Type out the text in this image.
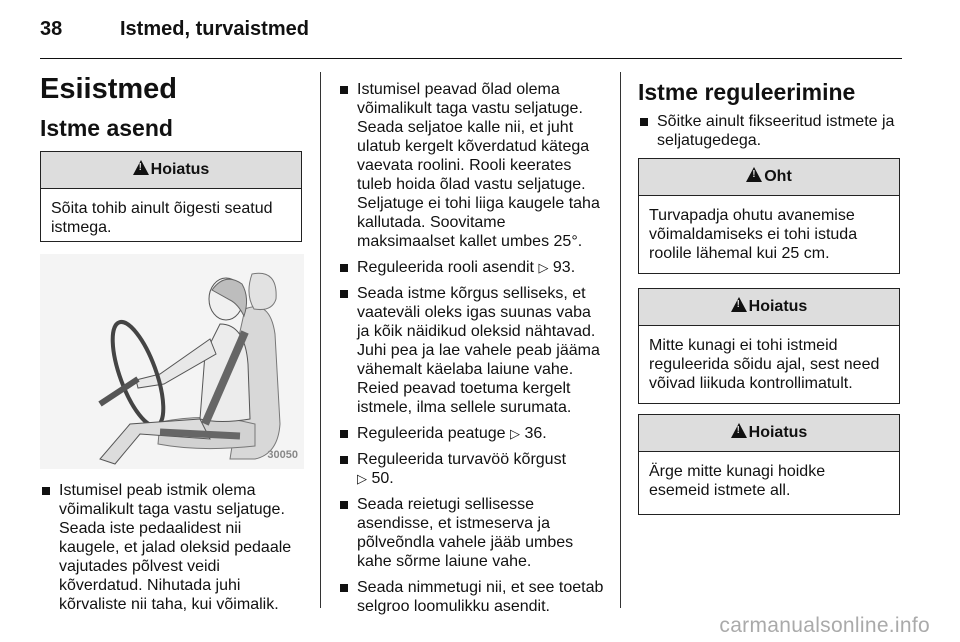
38	Istmed, turvaistmed
Esiistmed
Istme asend
! Hoiatus
Sõita tohib ainult õigesti seatud istmega.
30050
Istumisel peab istmik olema võimalikult taga vastu seljatuge. Seada iste pedaalidest nii kaugele, et jalad oleksid pedaale vajutades põlvest veidi kõverdatud. Nihutada juhi kõrvaliste nii taha, kui võimalik.
Istumisel peavad õlad olema võimalikult taga vastu seljatuge. Seada seljatoe kalle nii, et juht ulatub kergelt kõverdatud kätega vaevata roolini. Rooli keerates tuleb hoida õlad vastu seljatuge. Seljatuge ei tohi liiga kaugele taha kallutada. Soovitame maksimaalset kallet umbes 25°.
Reguleerida rooli asendit ▷ 93.
Seada istme kõrgus selliseks, et vaateväli oleks igas suunas vaba ja kõik näidikud oleksid nähtavad. Juhi pea ja lae vahele peab jääma vähemalt käelaba laiune vahe. Reied peavad toetuma kergelt istmele, ilma sellele surumata.
Reguleerida peatuge ▷ 36.
Reguleerida turvavöö kõrgust
▷ 50.
Seada reietugi sellisesse asendisse, et istmeserva ja põlveõndla vahele jääb umbes kahe sõrme laiune vahe.
Seada nimmetugi nii, et see toetab selgroo loomulikku asendit.
Istme reguleerimine
Sõitke ainult fikseeritud istmete ja seljatugedega.
! Oht
Turvapadja ohutu avanemise võimaldamiseks ei tohi istuda roolile lähemal kui 25 cm.
! Hoiatus
Mitte kunagi ei tohi istmeid reguleerida sõidu ajal, sest need võivad liikuda kontrollimatult.
! Hoiatus
Ärge mitte kunagi hoidke esemeid istmete all.
carmanualsonline.info
